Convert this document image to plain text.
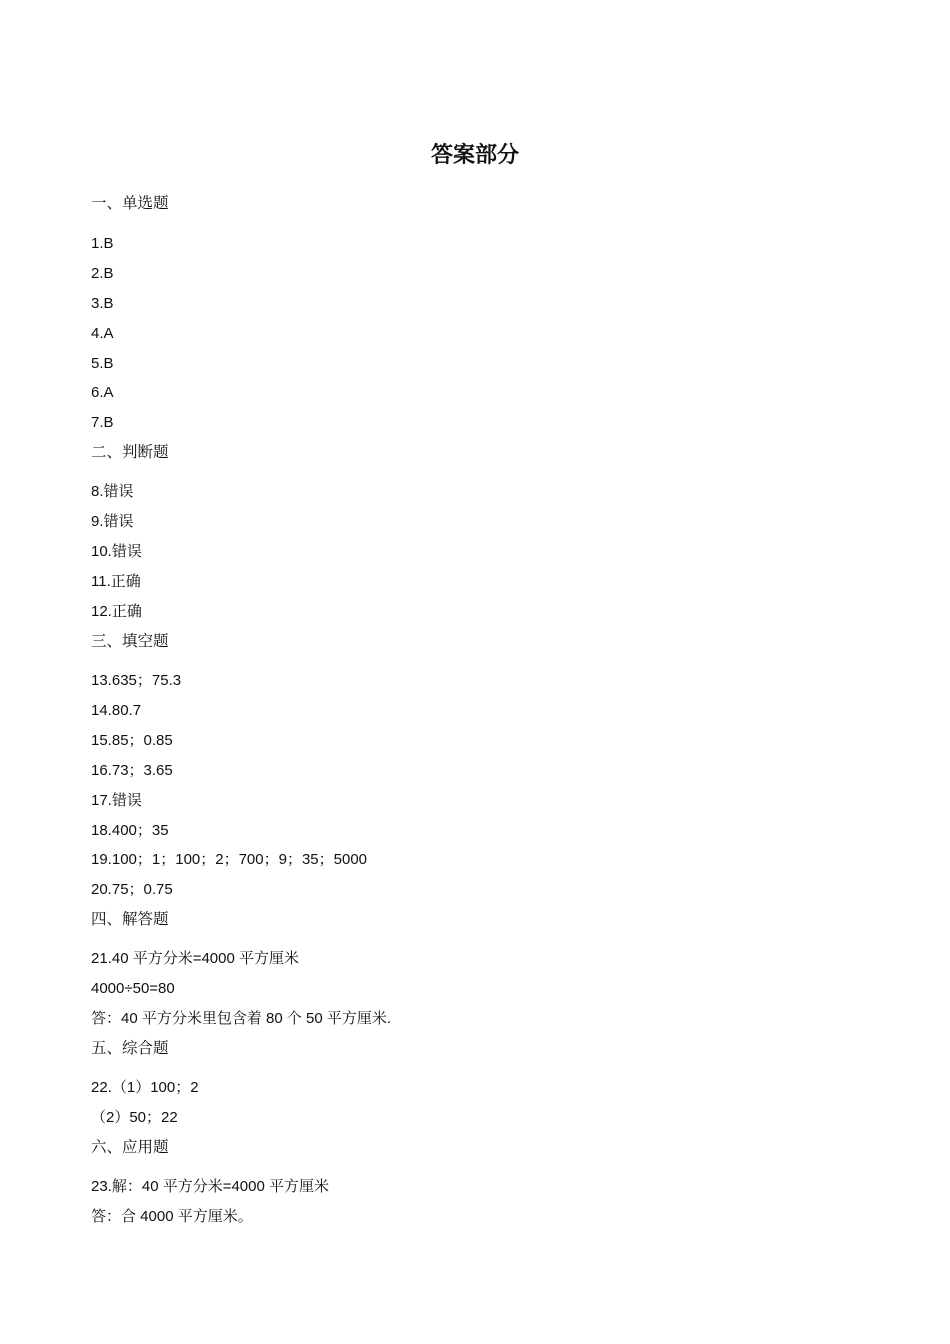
答案部分
一、单选题
1.B
2.B
3.B
4.A
5.B
6.A
7.B
二、判断题
8.错误
9.错误
10.错误
11.正确
12.正确
三、填空题
13.635；75.3
14.80.7
15.85；0.85
16.73；3.65
17.错误
18.400；35
19.100；1；100；2；700；9；35；5000
20.75；0.75
四、解答题
21.40 平方分米=4000 平方厘米
4000÷50=80
答：40 平方分米里包含着 80 个 50 平方厘米.
五、综合题
22.（1）100；2
（2）50；22
六、应用题
23.解：40 平方分米=4000 平方厘米
答：合 4000 平方厘米。
